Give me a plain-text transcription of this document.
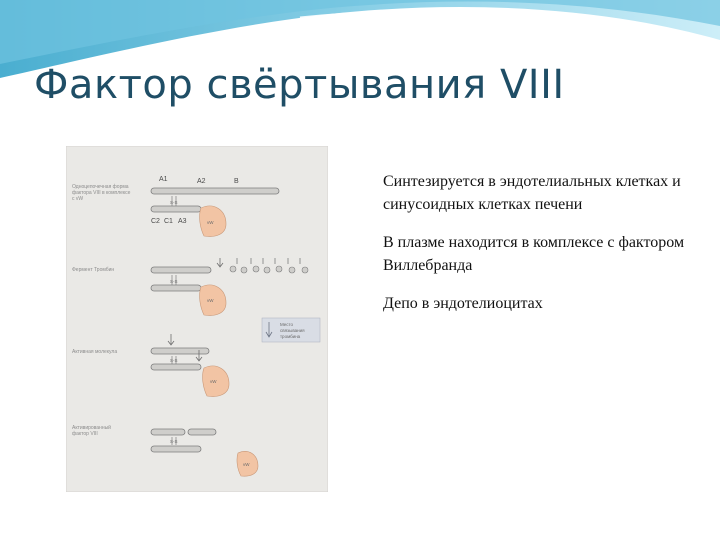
Фактор свёртывания VIII
A1	A2	B
Одноцепочечная форма
фактора VIII в комплексе
с vW
S-S
C2 C1 A3	vW
Фермент Тромбин
S-S
vW
Место
связывания
тромбина
Активная молекула
S-S
vW
Активированный
фактор VIII
S-S
vW

Синтезируется в эндотелиальных клетках и синусоидных клетках печени

В плазме находится в комплексе с фактором Виллебранда

Депо в эндотелиоцитах
